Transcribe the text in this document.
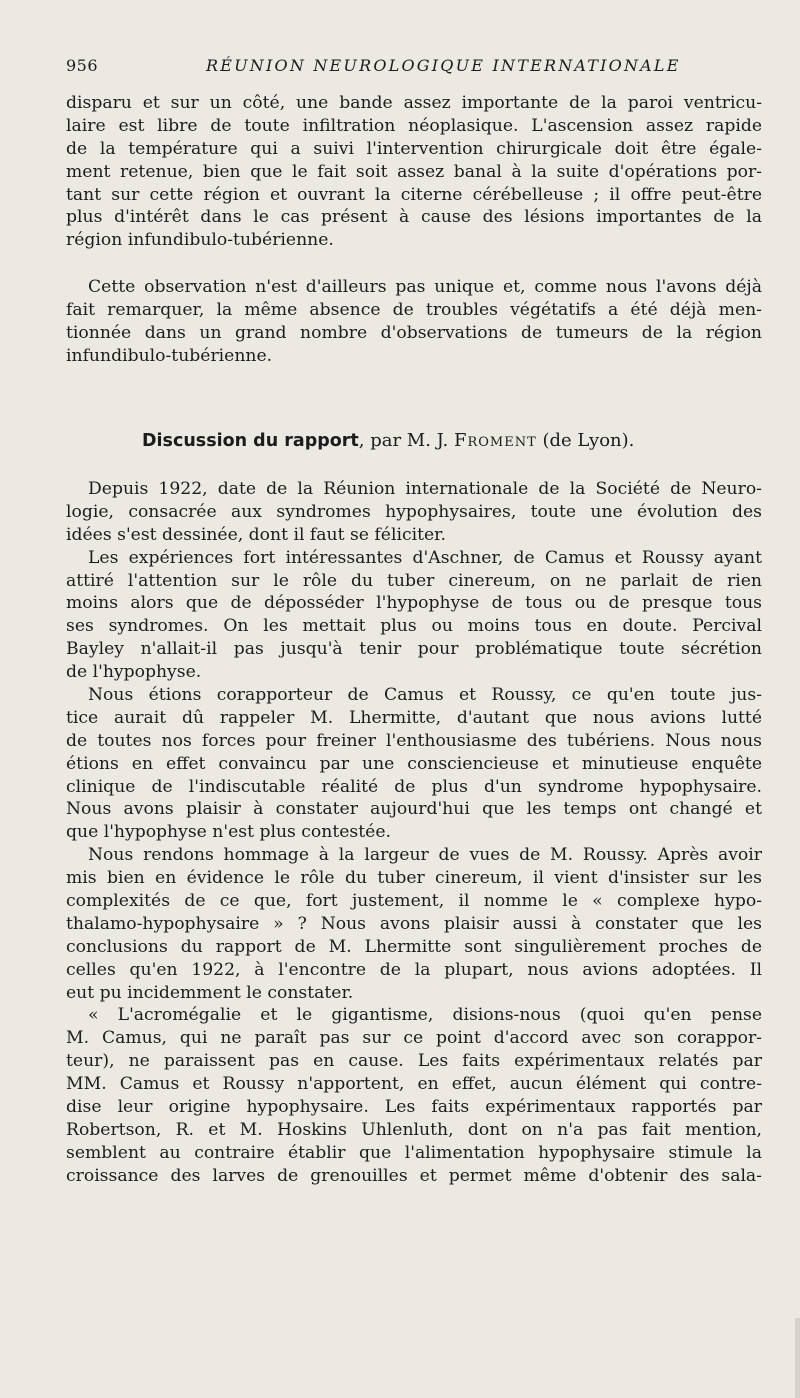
956	RÉUNION NEUROLOGIQUE INTERNATIONALE
disparu et sur un côté, une bande assez importante de la paroi ventricu-
laire est libre de toute infiltration néoplasique. L'ascension assez rapide
de la température qui a suivi l'intervention chirurgicale doit être égale-
ment retenue, bien que le fait soit assez banal à la suite d'opérations por-
tant sur cette région et ouvrant la citerne cérébelleuse ; il offre peut-être
plus d'intérêt dans le cas présent à cause des lésions importantes de la
région infundibulo-tubérienne.
Cette observation n'est d'ailleurs pas unique et, comme nous l'avons déjà
fait remarquer, la même absence de troubles végétatifs a été déjà men-
tionnée dans un grand nombre d'observations de tumeurs de la région
infundibulo-tubérienne.
Discussion du rapport, par M. J. Froment (de Lyon).
Depuis 1922, date de la Réunion internationale de la Société de Neuro-
logie, consacrée aux syndromes hypophysaires, toute une évolution des
idées s'est dessinée, dont il faut se féliciter.
Les expériences fort intéressantes d'Aschner, de Camus et Roussy ayant
attiré l'attention sur le rôle du tuber cinereum, on ne parlait de rien
moins alors que de déposséder l'hypophyse de tous ou de presque tous
ses syndromes. On les mettait plus ou moins tous en doute. Percival
Bayley n'allait-il pas jusqu'à tenir pour problématique toute sécrétion
de l'hypophyse.
Nous étions corapporteur de Camus et Roussy, ce qu'en toute jus-
tice aurait dû rappeler M. Lhermitte, d'autant que nous avions lutté
de toutes nos forces pour freiner l'enthousiasme des tubériens. Nous nous
étions en effet convaincu par une consciencieuse et minutieuse enquête
clinique de l'indiscutable réalité de plus d'un syndrome hypophysaire.
Nous avons plaisir à constater aujourd'hui que les temps ont changé et
que l'hypophyse n'est plus contestée.
Nous rendons hommage à la largeur de vues de M. Roussy. Après avoir
mis bien en évidence le rôle du tuber cinereum, il vient d'insister sur les
complexités de ce que, fort justement, il nomme le « complexe hypo-
thalamo-hypophysaire » ? Nous avons plaisir aussi à constater que les
conclusions du rapport de M. Lhermitte sont singulièrement proches de
celles qu'en 1922, à l'encontre de la plupart, nous avions adoptées. Il
eut pu incidemment le constater.
« L'acromégalie et le gigantisme, disions-nous (quoi qu'en pense
M. Camus, qui ne paraît pas sur ce point d'accord avec son corappor-
teur), ne paraissent pas en cause. Les faits expérimentaux relatés par
MM. Camus et Roussy n'apportent, en effet, aucun élément qui contre-
dise leur origine hypophysaire. Les faits expérimentaux rapportés par
Robertson, R. et M. Hoskins Uhlenluth, dont on n'a pas fait mention,
semblent au contraire établir que l'alimentation hypophysaire stimule la
croissance des larves de grenouilles et permet même d'obtenir des sala-
